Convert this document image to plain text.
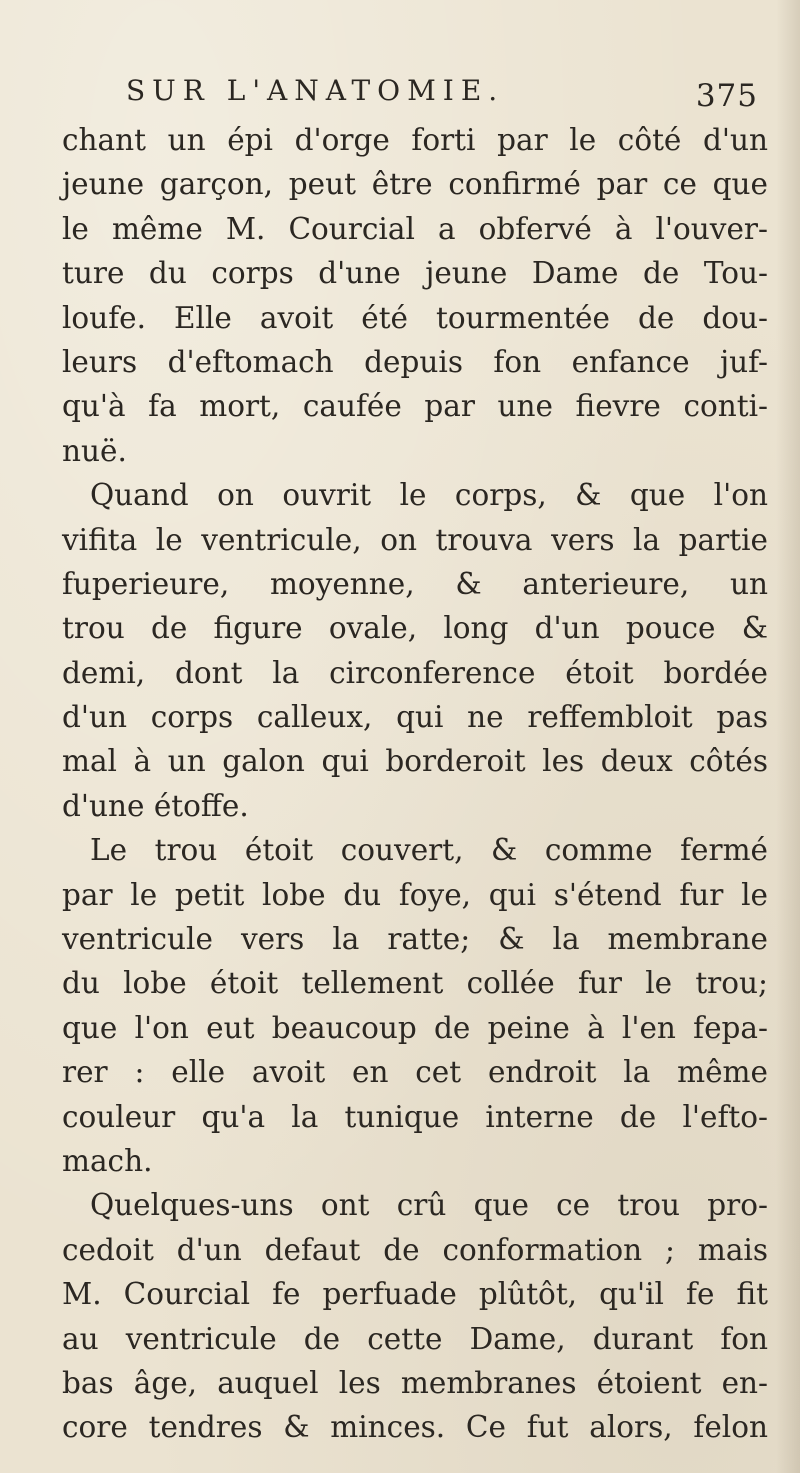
SUR L'ANATOMIE.	375
chant un épi d'orge forti par le côté d'un
jeune garçon, peut être confirmé par ce que
le même M. Courcial a obfervé à l'ouver-
ture du corps d'une jeune Dame de Tou-
loufe. Elle avoit été tourmentée de dou-
leurs d'eftomach depuis fon enfance juf-
qu'à fa mort, caufée par une fievre conti-
nuë.
Quand on ouvrit le corps, & que l'on
vifita le ventricule, on trouva vers la partie
fuperieure, moyenne, & anterieure, un
trou de figure ovale, long d'un pouce &
demi, dont la circonference étoit bordée
d'un corps calleux, qui ne reffembloit pas
mal à un galon qui borderoit les deux côtés
d'une étoffe.
Le trou étoit couvert, & comme fermé
par le petit lobe du foye, qui s'étend fur le
ventricule vers la ratte; & la membrane
du lobe étoit tellement collée fur le trou;
que l'on eut beaucoup de peine à l'en fepa-
rer : elle avoit en cet endroit la même
couleur qu'a la tunique interne de l'efto-
mach.
Quelques-uns ont crû que ce trou pro-
cedoit d'un defaut de conformation ; mais
M. Courcial fe perfuade plûtôt, qu'il fe fit
au ventricule de cette Dame, durant fon
bas âge, auquel les membranes étoient en-
core tendres & minces. Ce fut alors, felon
